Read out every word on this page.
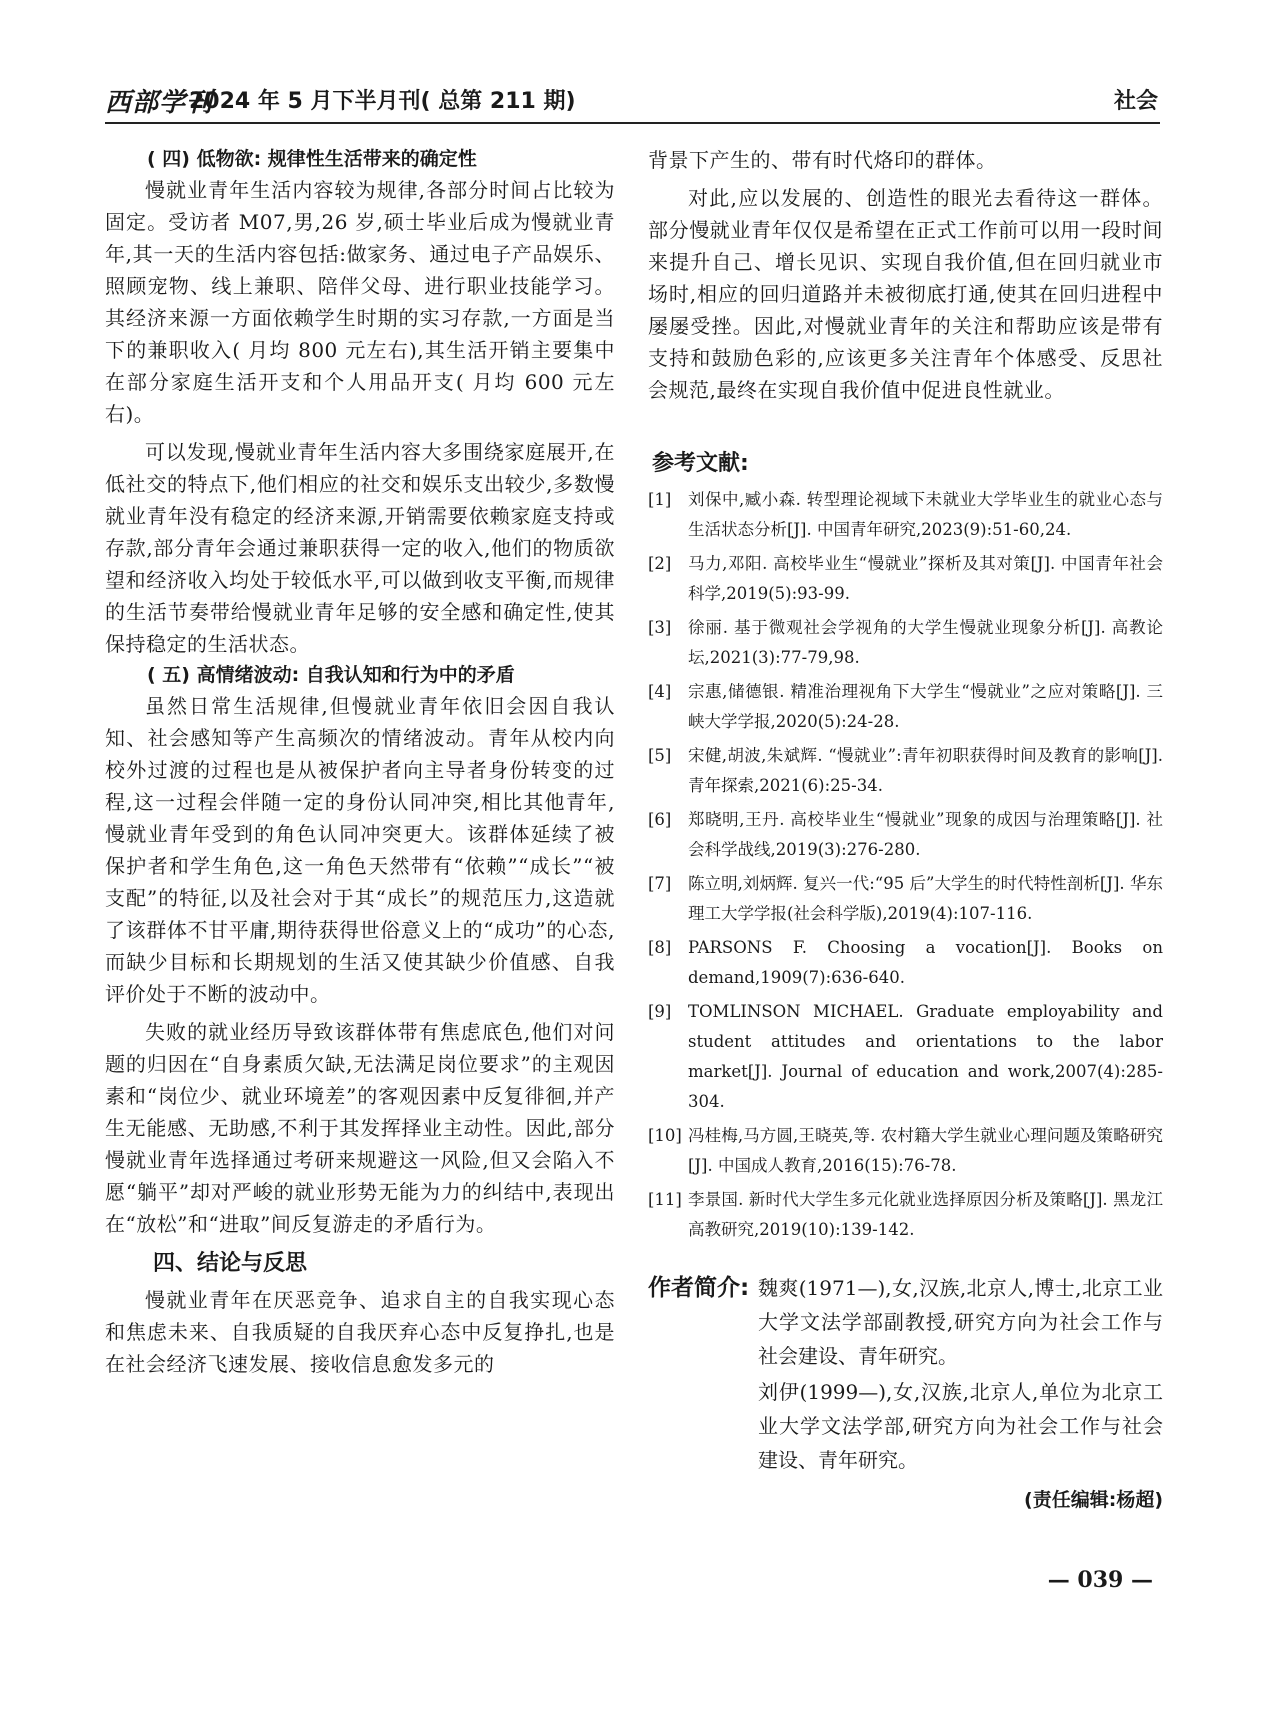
西部学刊
2024 年 5 月下半月刊( 总第 211 期)	社会
( 四) 低物欲: 规律性生活带来的确定性

慢就业青年生活内容较为规律,各部分时间占比较为固定。受访者 M07,男,26 岁,硕士毕业后成为慢就业青年,其一天的生活内容包括:做家务、通过电子产品娱乐、照顾宠物、线上兼职、陪伴父母、进行职业技能学习。其经济来源一方面依赖学生时期的实习存款,一方面是当下的兼职收入( 月均 800 元左右),其生活开销主要集中在部分家庭生活开支和个人用品开支( 月均 600 元左右)。

可以发现,慢就业青年生活内容大多围绕家庭展开,在低社交的特点下,他们相应的社交和娱乐支出较少,多数慢就业青年没有稳定的经济来源,开销需要依赖家庭支持或存款,部分青年会通过兼职获得一定的收入,他们的物质欲望和经济收入均处于较低水平,可以做到收支平衡,而规律的生活节奏带给慢就业青年足够的安全感和确定性,使其保持稳定的生活状态。

( 五) 高情绪波动: 自我认知和行为中的矛盾

虽然日常生活规律,但慢就业青年依旧会因自我认知、社会感知等产生高频次的情绪波动。青年从校内向校外过渡的过程也是从被保护者向主导者身份转变的过程,这一过程会伴随一定的身份认同冲突,相比其他青年,慢就业青年受到的角色认同冲突更大。该群体延续了被保护者和学生角色,这一角色天然带有“依赖”“成长”“被支配”的特征,以及社会对于其“成长”的规范压力,这造就了该群体不甘平庸,期待获得世俗意义上的“成功”的心态,而缺少目标和长期规划的生活又使其缺少价值感、自我评价处于不断的波动中。

失败的就业经历导致该群体带有焦虑底色,他们对问题的归因在“自身素质欠缺,无法满足岗位要求”的主观因素和“岗位少、就业环境差”的客观因素中反复徘徊,并产生无能感、无助感,不利于其发挥择业主动性。因此,部分慢就业青年选择通过考研来规避这一风险,但又会陷入不愿“躺平”却对严峻的就业形势无能为力的纠结中,表现出在“放松”和“进取”间反复游走的矛盾行为。

四、结论与反思

慢就业青年在厌恶竞争、追求自主的自我实现心态和焦虑未来、自我质疑的自我厌弃心态中反复挣扎,也是在社会经济飞速发展、接收信息愈发多元的

背景下产生的、带有时代烙印的群体。

对此,应以发展的、创造性的眼光去看待这一群体。部分慢就业青年仅仅是希望在正式工作前可以用一段时间来提升自己、增长见识、实现自我价值,但在回归就业市场时,相应的回归道路并未被彻底打通,使其在回归进程中屡屡受挫。因此,对慢就业青年的关注和帮助应该是带有支持和鼓励色彩的,应该更多关注青年个体感受、反思社会规范,最终在实现自我价值中促进良性就业。

参考文献:
[1]	刘保中,臧小森. 转型理论视域下未就业大学毕业生的就业心态与生活状态分析[J]. 中国青年研究,2023(9):51-60,24.
[2]	马力,邓阳. 高校毕业生“慢就业”探析及其对策[J]. 中国青年社会科学,2019(5):93-99.
[3]	徐丽. 基于微观社会学视角的大学生慢就业现象分析[J]. 高教论坛,2021(3):77-79,98.
[4]	宗惠,储德银. 精准治理视角下大学生“慢就业”之应对策略[J]. 三峡大学学报,2020(5):24-28.
[5]	宋健,胡波,朱斌辉. “慢就业”:青年初职获得时间及教育的影响[J]. 青年探索,2021(6):25-34.
[6]	郑晓明,王丹. 高校毕业生“慢就业”现象的成因与治理策略[J]. 社会科学战线,2019(3):276-280.
[7]	陈立明,刘炳辉. 复兴一代:“95 后”大学生的时代特性剖析[J]. 华东理工大学学报(社会科学版),2019(4):107-116.
[8]	PARSONS F. Choosing a vocation[J]. Books on demand,1909(7):636-640.
[9]	TOMLINSON MICHAEL. Graduate employability and student attitudes and orientations to the labor market[J]. Journal of education and work,2007(4):285-304.
[10] 冯桂梅,马方圆,王晓英,等. 农村籍大学生就业心理问题及策略研究[J]. 中国成人教育,2016(15):76-78.
[11] 李景国. 新时代大学生多元化就业选择原因分析及策略[J]. 黑龙江高教研究,2019(10):139-142.
作者简介: 魏爽(1971—),女,汉族,北京人,博士,北京工业大学文法学部副教授,研究方向为社会工作与社会建设、青年研究。

刘伊(1999—),女,汉族,北京人,单位为北京工业大学文法学部,研究方向为社会工作与社会建设、青年研究。

(责任编辑:杨超)
— 039 —
